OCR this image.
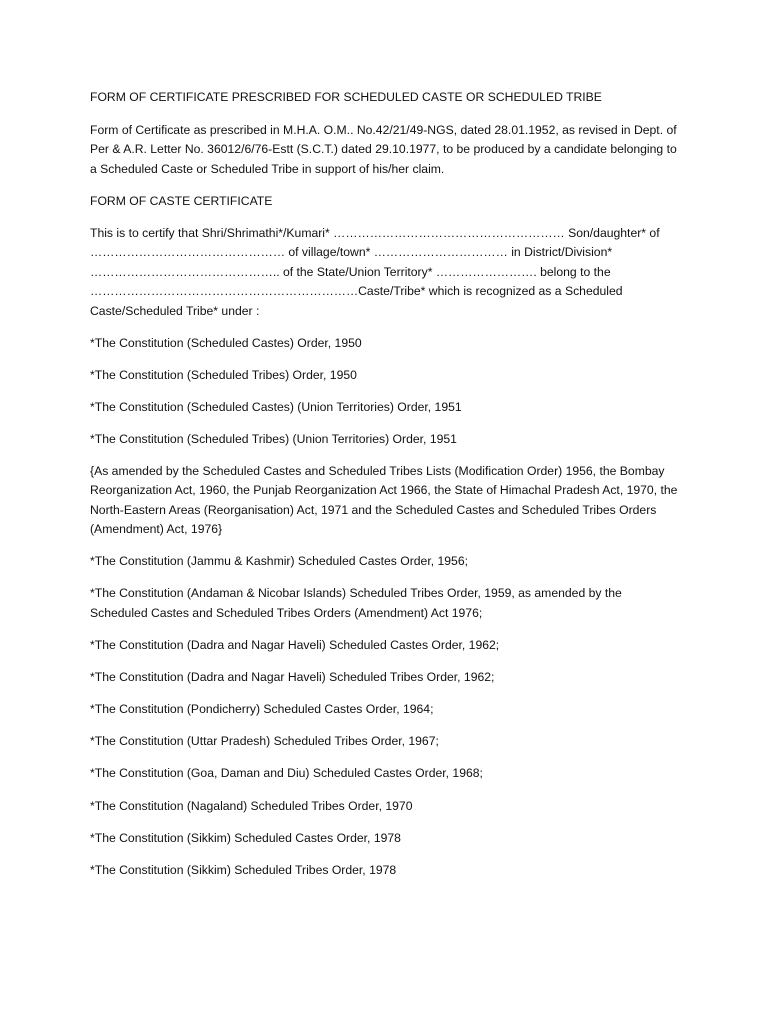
FORM OF CERTIFICATE PRESCRIBED FOR SCHEDULED CASTE OR SCHEDULED TRIBE

Form of Certificate as prescribed in M.H.A. O.M.. No.42/21/49-NGS, dated 28.01.1952, as revised in Dept. of Per & A.R. Letter No. 36012/6/76-Estt (S.C.T.) dated 29.10.1977, to be produced by a candidate belonging to a Scheduled Caste or Scheduled Tribe in support of his/her claim.

FORM OF CASTE CERTIFICATE

This is to certify that Shri/Shrimathi*/Kumari* ………………………………………………… Son/daughter* of
………………………………………… of village/town* …………………………… in District/Division*
……………………………………….. of the State/Union Territory* ……………………. belong to the
…………………………………………………………Caste/Tribe* which is recognized as a Scheduled Caste/Scheduled Tribe* under :

*The Constitution (Scheduled Castes) Order, 1950

*The Constitution (Scheduled Tribes) Order, 1950

*The Constitution (Scheduled Castes) (Union Territories) Order, 1951

*The Constitution (Scheduled Tribes) (Union Territories) Order, 1951

{As amended by the Scheduled Castes and Scheduled Tribes Lists (Modification Order) 1956, the Bombay Reorganization Act, 1960, the Punjab Reorganization Act 1966, the State of Himachal Pradesh Act, 1970, the North-Eastern Areas (Reorganisation) Act, 1971 and the Scheduled Castes and Scheduled Tribes Orders (Amendment) Act, 1976}

*The Constitution (Jammu & Kashmir) Scheduled Castes Order, 1956;

*The Constitution (Andaman & Nicobar Islands) Scheduled Tribes Order, 1959, as amended by the Scheduled Castes and Scheduled Tribes Orders (Amendment) Act 1976;

*The Constitution (Dadra and Nagar Haveli) Scheduled Castes Order, 1962;

*The Constitution (Dadra and Nagar Haveli) Scheduled Tribes Order, 1962;

*The Constitution (Pondicherry) Scheduled Castes Order, 1964;

*The Constitution (Uttar Pradesh) Scheduled Tribes Order, 1967;

*The Constitution (Goa, Daman and Diu) Scheduled Castes Order, 1968;

*The Constitution (Nagaland) Scheduled Tribes Order, 1970

*The Constitution (Sikkim) Scheduled Castes Order, 1978

*The Constitution (Sikkim) Scheduled Tribes Order, 1978
